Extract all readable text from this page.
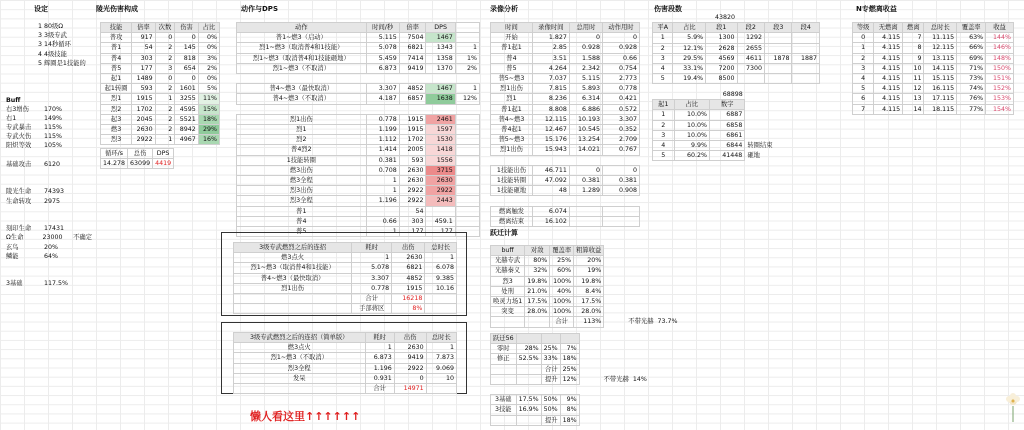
设定	陵光伤害构成	动作与DPS	录像分析	伤害段数	N专燃离收益
1 80级Ω
3 3级专武
3 14秒循环
4 4级技能
5 辉圈是1技能的
Buff
右3增伤	170%
右1	149%
专武暴击	115%
专武火伤	115%
阳炽等效	105%
基础攻击	6120
陵光生命	74393
生命转攻	2975
刻印生命	17431
Ω生命	23000	不确定
玄鸟	20%
鳞能	64%
3基础	117.5%
技能	倍率	次数	伤害	占比
普攻	917	0	0	0%
普1	54	2	145	0%
普4	303	2	818	3%
普5	177	3	654	2%
起1	1489	0	0	0%
起1转圈	593	2	1601	5%
烈1	1915	1	3255	11%
烈2	1702	2	4595	15%
起3	2045	2	5521	18%
燃3	2630	2	8942	29%
烈3	2922	1	4967	16%
循环/s	总伤	DPS
14.278	63099	4419
动作	时间/秒	倍率	DPS	
普1~燃3（启动）	5.115	7504	1467	
烈1~燃3（取消普4和1技能）	5.078	6821	1343	1
烈1~燃3（取消普4和1技能砸地）	5.459	7414	1358	1%
烈1~燃3（不取消）	6.873	9419	1370	2%

普4~燃3（最快取消）	3.307	4852	1467	1
普4~燃3（不取消）	4.187	6857	1638	12%

烈1出伤	0.778	1915	2461	
烈1	1.199	1915	1597	
烈2	1.112	1702	1530	
普4烈2	1.414	2005	1418	
1技能转圈	0.381	593	1556	
燃3出伤	0.708	2630	3715	
燃3全程	1	2630	2630	
烈3出伤	1	2922	2922	
烈3全程	1.196	2922	2443	
普1		54		
普4	0.66	303	459.1	
普5	1	177	177	
3级专武燃烈之后的连招	耗时	出伤	总时长
燃3点火	1	2630	1
烈1~燃3（取消普4和1技能）	5.078	6821	6.078
普4~燃3（最快取消）	3.307	4852	9.385
烈1出伤	0.778	1915	10.16
	合计	16218	
	手部蒋区	8%	
3级专武燃烈之后的连招（简单版）	耗时	出伤	总时长
燃3点火	1	2630	1
烈1~燃3（不取消）	6.873	9419	7.873
烈3全程	1.196	2922	9.069
发呆	0.931	0	10
	合计	14971	
时间	录像时间	总用时	动作用时
开始	1.827	0	0
普1起1	2.85	0.928	0.928
普4	3.51	1.588	0.66
普5	4.264	2.342	0.754
普5~燃3	7.037	5.115	2.773
烈1出伤	7.815	5.893	0.778
烈1	8.236	6.314	0.421
普1起1	8.808	6.886	0.572
普4~燃3	12.115	10.193	3.307
普4起1	12.467	10.545	0.352
普5~燃3	15.176	13.254	2.709
烈1出伤	15.943	14.021	0.767

1技能出伤	46.711	0	0
1技能转圈	47.092	0.381	0.381
1技能砸地	48	1.289	0.908

燃离触发	6.074		
燃离结束	16.102		
跃迁计算
buff	对敌	覆盖率	粗算收益		
光赫专武	80%	25%	20%		
光赫秦义	32%	60%	19%		
烈3	19.8%	100%	19.8%		
处刑	21.0%	40%	8.4%		
唤灵力场1	17.5%	100%	17.5%		
突变	28.0%	100%	28.0%		
		合计	113%	不带光赫	73.7%
跃迁56					
零时	28%	25%	7%		
修正	52.5%	33%	18%		
		合计	25%		
		提升	12%	不带光赫	14%

3基础	17.5%	50%	9%		
3技能	16.9%	50%	8%		
		提升	18%		
		43820			
平A	占比	段1	段2	段3	段4
1	5.9%	1300	1292		
2	12.1%	2628	2655		
3	29.5%	4569	4611	1878	1887
4	33.1%	7200	7300		
5	19.4%	8500			
		68898	
起1	占比	数字	
1	10.0%	6887	
2	10.0%	6858	
3	10.0%	6861	
4	9.9%	6844	转圈结束
5	60.2%	41448	砸地
等级	无燃离	燃离	总时长	覆盖率	收益
0	4.115	7	11.115	63%	144%
1	4.115	8	12.115	66%	146%
2	4.115	9	13.115	69%	148%
3	4.115	10	14.115	71%	150%
4	4.115	11	15.115	73%	151%
5	4.115	12	16.115	74%	152%
6	4.115	13	17.115	76%	153%
7	4.115	14	18.115	77%	154%
懒人看这里↑↑↑↑↑↑
